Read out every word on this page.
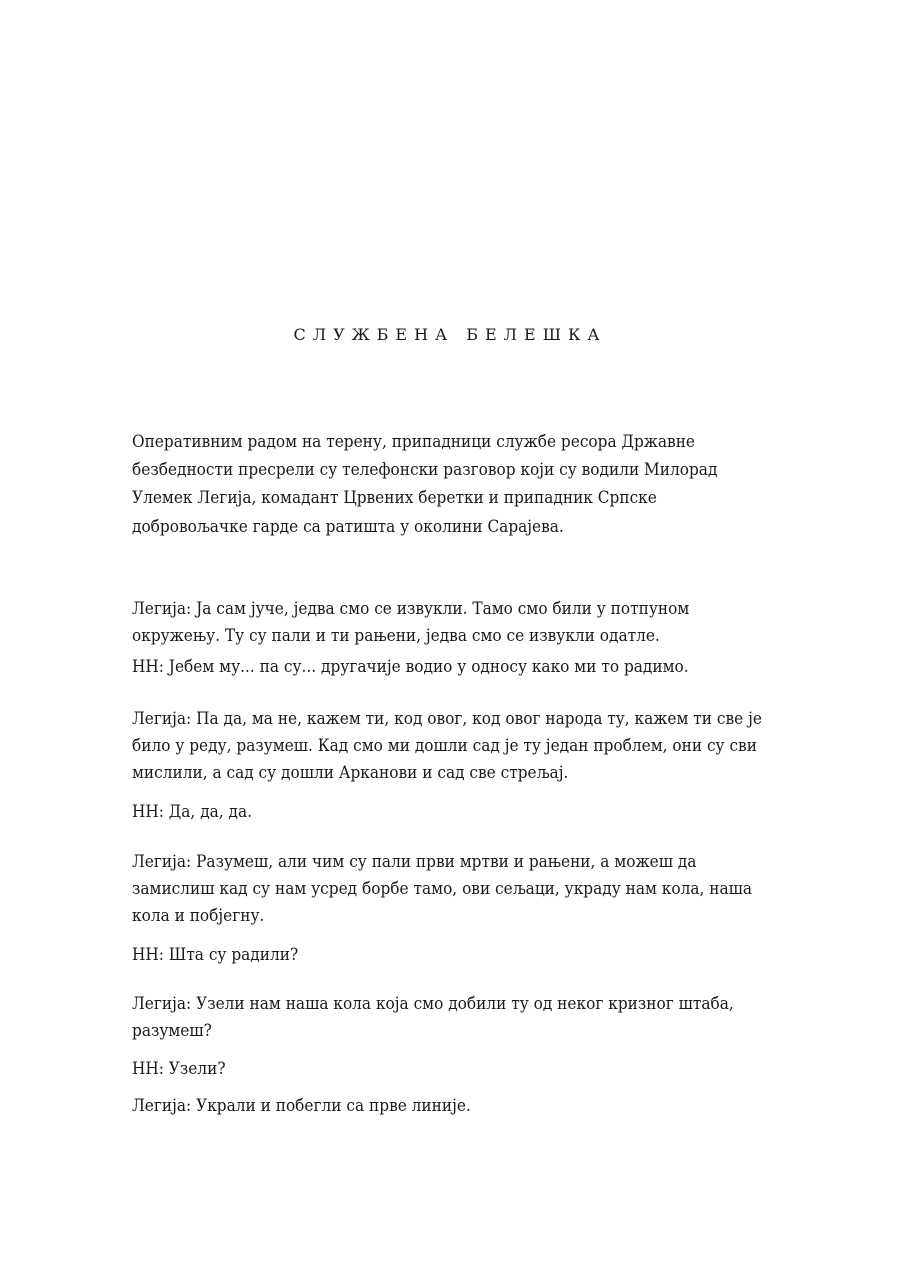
СЛУЖБЕНА БЕЛЕШКА
Оперативним радом на терену, припадници службе ресора Државне
безбедности пресрели су телефонски разговор који су водили Милорад
Улемек Легија, комадант Црвених беретки и припадник Српске
добровољачке гарде са ратишта у околини Сарајева.
Легија: Ја сам јуче, једва смо се извукли. Тамо смо били у потпуном
окружењу. Ту су пали и ти рањени, једва смо се извукли одатле.
НН: Јебем му... па су... другачије водио у односу како ми то радимо.
Легија: Па да, ма не, кажем ти, код овог, код овог народа ту, кажем ти све је
било у реду, разумеш. Кад смо ми дошли сад је ту један проблем, они су сви
мислили, а сад су дошли Арканови и сад све стрељај.
НН: Да, да, да.
Легија: Разумеш, али чим су пали први мртви и рањени, а можеш да
замислиш кад су нам усред борбе тамо, ови сељаци, украду нам кола, наша
кола и побјегну.
НН: Шта су радили?
Легија: Узели нам наша кола која смо добили ту од неког кризног штаба,
разумеш?
НН: Узели?
Легија: Украли и побегли са прве линије.
